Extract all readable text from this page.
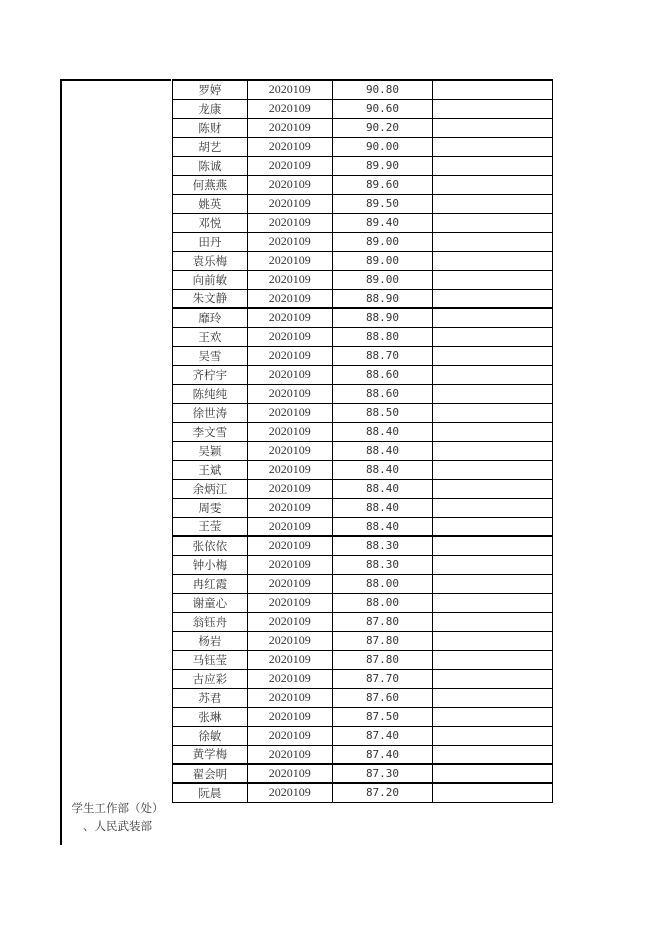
学生工作部（处）
、人民武装部
罗婷	2020109	90.80	
龙康	2020109	90.60	
陈财	2020109	90.20	
胡艺	2020109	90.00	
陈诚	2020109	89.90	
何燕燕	2020109	89.60	
姚英	2020109	89.50	
邓悦	2020109	89.40	
田丹	2020109	89.00	
袁乐梅	2020109	89.00	
向前敏	2020109	89.00	
朱文静	2020109	88.90	
靡玲	2020109	88.90	
王欢	2020109	88.80	
吴雪	2020109	88.70	
齐柠宇	2020109	88.60	
陈纯纯	2020109	88.60	
徐世涛	2020109	88.50	
李文雪	2020109	88.40	
吴颖	2020109	88.40	
王斌	2020109	88.40	
余炳江	2020109	88.40	
周雯	2020109	88.40	
王莹	2020109	88.40	
张依依	2020109	88.30	
钟小梅	2020109	88.30	
冉红霞	2020109	88.00	
谢童心	2020109	88.00	
翁钰舟	2020109	87.80	
杨岩	2020109	87.80	
马钰莹	2020109	87.80	
古应彩	2020109	87.70	
苏君	2020109	87.60	
张琳	2020109	87.50	
徐敏	2020109	87.40	
黄学梅	2020109	87.40	
翟会明	2020109	87.30	
阮晨	2020109	87.20	
